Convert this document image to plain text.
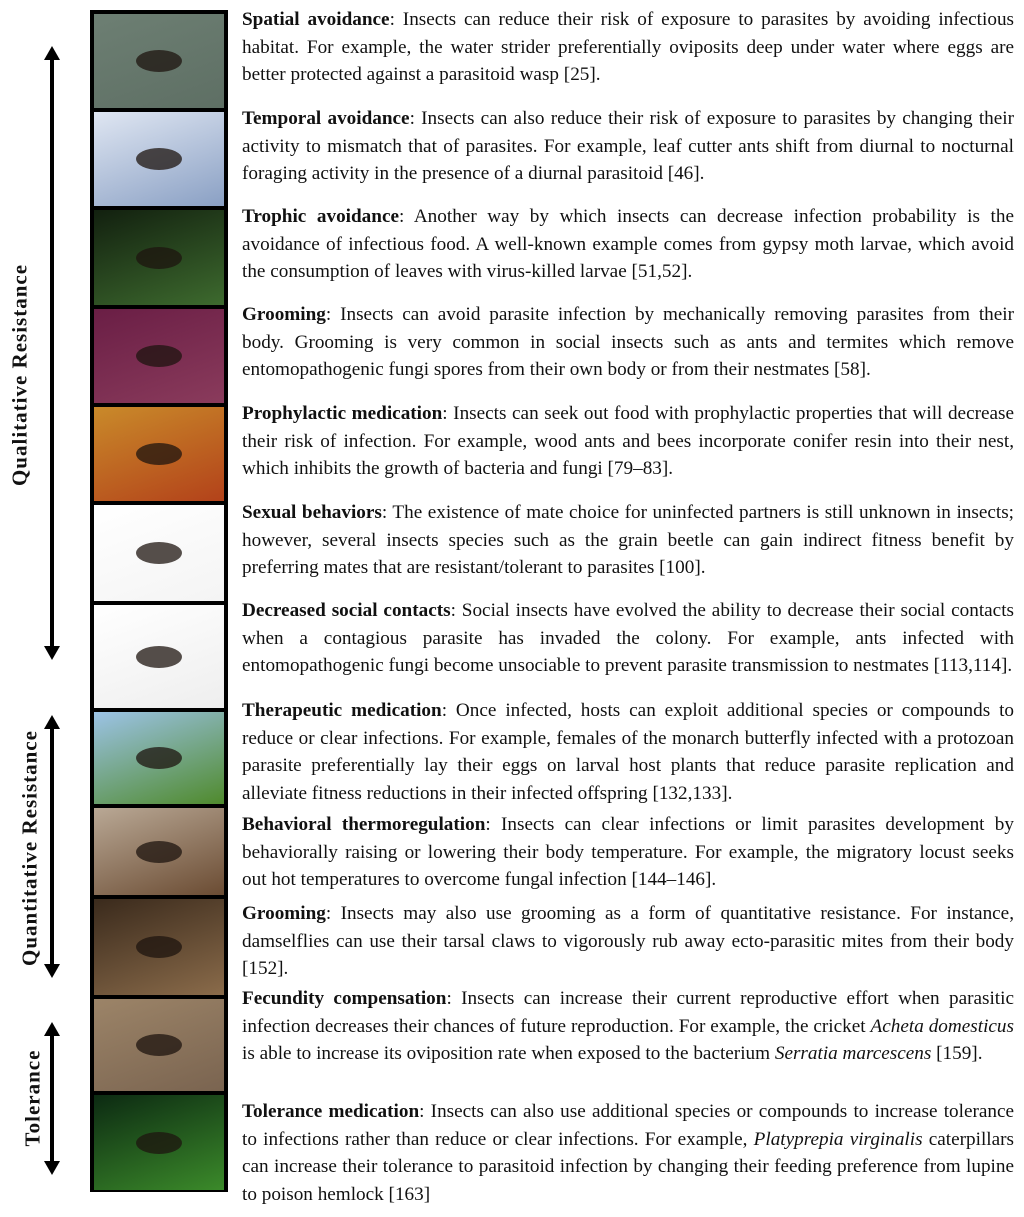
Qualitative Resistance
Quantitative Resistance
Tolerance
Spatial avoidance: Insects can reduce their risk of exposure to parasites by avoiding infectious habitat. For example, the water strider preferentially oviposits deep under water where eggs are better protected against a parasitoid wasp [25].
Temporal avoidance: Insects can also reduce their risk of exposure to parasites by changing their activity to mismatch that of parasites. For example, leaf cutter ants shift from diurnal to nocturnal foraging activity in the presence of a diurnal parasitoid [46].
Trophic avoidance: Another way by which insects can decrease infection probability is the avoidance of infectious food. A well-known example comes from gypsy moth larvae, which avoid the consumption of leaves with virus-killed larvae [51,52].
Grooming: Insects can avoid parasite infection by mechanically removing parasites from their body. Grooming is very common in social insects such as ants and termites which remove entomopathogenic fungi spores from their own body or from their nestmates [58].
Prophylactic medication: Insects can seek out food with prophylactic properties that will decrease their risk of infection. For example, wood ants and bees incorporate conifer resin into their nest, which inhibits the growth of bacteria and fungi [79–83].
Sexual behaviors: The existence of mate choice for uninfected partners is still unknown in insects; however, several insects species such as the grain beetle can gain indirect fitness benefit by preferring mates that are resistant/tolerant to parasites [100].
Decreased social contacts: Social insects have evolved the ability to decrease their social contacts when a contagious parasite has invaded the colony. For example, ants infected with entomopathogenic fungi become unsociable to prevent parasite transmission to nestmates [113,114].
Therapeutic medication: Once infected, hosts can exploit additional species or compounds to reduce or clear infections. For example, females of the monarch butterfly infected with a protozoan parasite preferentially lay their eggs on larval host plants that reduce parasite replication and alleviate fitness reductions in their infected offspring [132,133].
Behavioral thermoregulation: Insects can clear infections or limit parasites development by behaviorally raising or lowering their body temperature. For example, the migratory locust seeks out hot temperatures to overcome fungal infection [144–146].
Grooming: Insects may also use grooming as a form of quantitative resistance. For instance, damselflies can use their tarsal claws to vigorously rub away ecto-parasitic mites from their body [152].
Fecundity compensation: Insects can increase their current reproductive effort when parasitic infection decreases their chances of future reproduction. For example, the cricket Acheta domesticus is able to increase its oviposition rate when exposed to the bacterium Serratia marcescens [159].
Tolerance medication: Insects can also use additional species or compounds to increase tolerance to infections rather than reduce or clear infections. For example, Platyprepia virginalis caterpillars can increase their tolerance to parasitoid infection by changing their feeding preference from lupine to poison hemlock [163]
